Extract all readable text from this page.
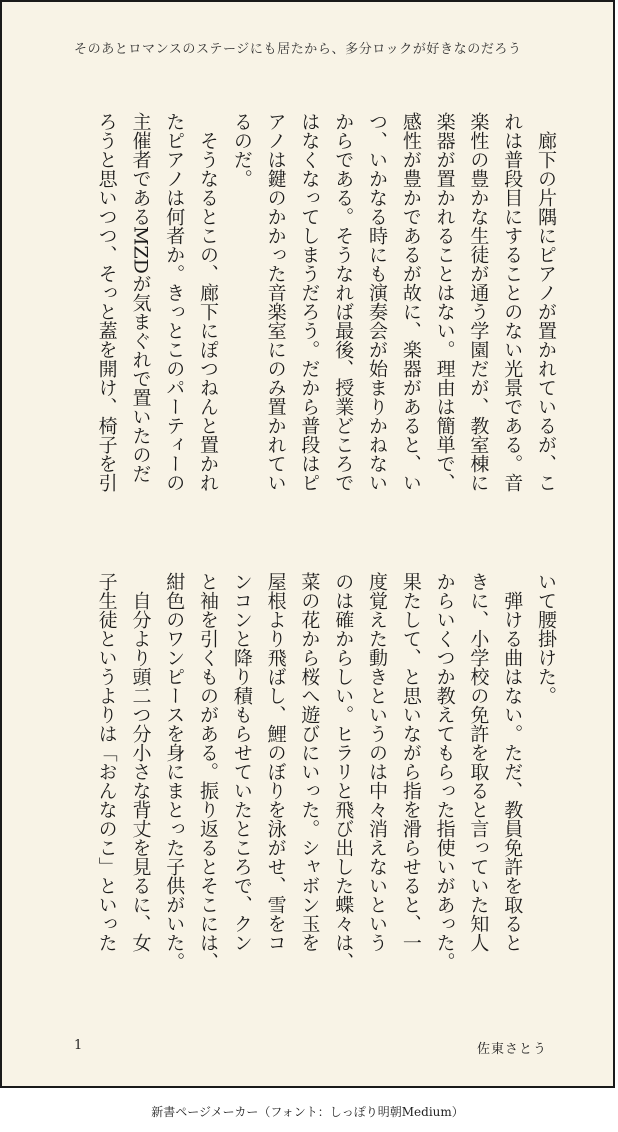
そのあとロマンスのステージにも居たから、多分ロックが好きなのだろう

　廊下の片隅にピアノが置かれているが、こ

れは普段目にすることのない光景である。音

楽性の豊かな生徒が通う学園だが、教室棟に

楽器が置かれることはない。理由は簡単で、

感性が豊かであるが故に、楽器があると、い

つ、いかなる時にも演奏会が始まりかねない

からである。そうなれば最後、授業どころで

はなくなってしまうだろう。だから普段はピ

アノは鍵のかかった音楽室にのみ置かれてい

るのだ。

　そうなるとこの、廊下にぽつねんと置かれ

たピアノは何者か。きっとこのパーティーの

主催者であるMZDが気まぐれで置いたのだ

ろうと思いつつ、そっと蓋を開け、椅子を引

いて腰掛けた。

　弾ける曲はない。ただ、教員免許を取ると

きに、小学校の免許を取ると言っていた知人

からいくつか教えてもらった指使いがあった。

果たして、と思いながら指を滑らせると、一

度覚えた動きというのは中々消えないという

のは確からしい。ヒラリと飛び出した蝶々は、

菜の花から桜へ遊びにいった。シャボン玉を

屋根より飛ばし、鯉のぼりを泳がせ、雪をコ

ンコンと降り積もらせていたところで、クン

と袖を引くものがある。振り返るとそこには、

紺色のワンピースを身にまとった子供がいた。

　自分より頭二つ分小さな背丈を見るに、女

子生徒というよりは「おんなのこ」といった

1	佐東さとう
新書ページメーカー（フォント：しっぽり明朝Medium）
